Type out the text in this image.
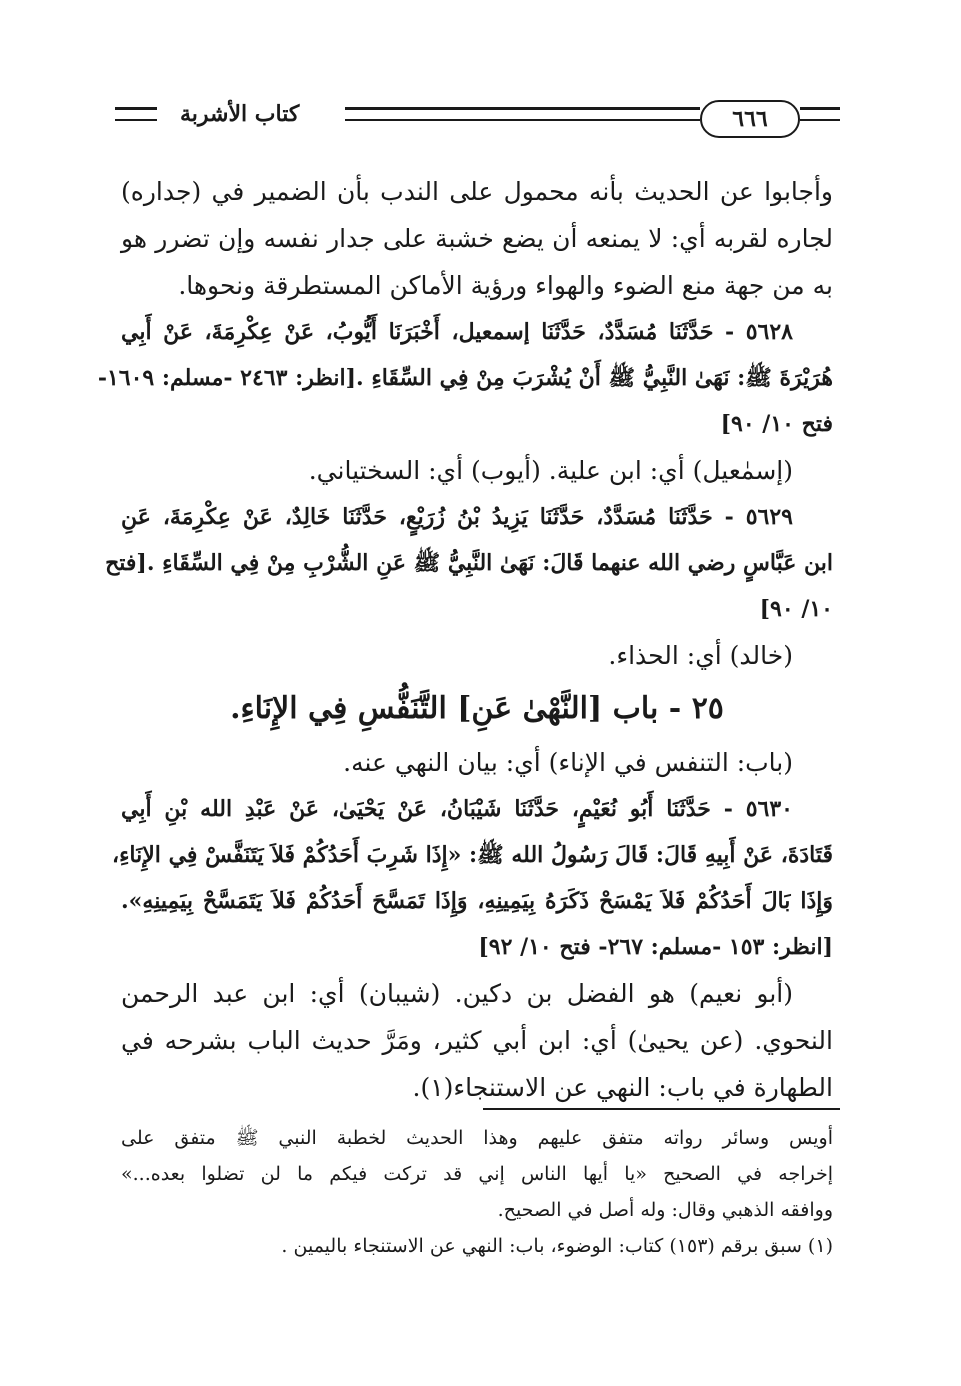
٦٦٦
كتاب الأشربة
وأجابوا عن الحديث بأنه محمول على الندب بأن الضمير في (جداره)
لجاره لقربه أي: لا يمنعه أن يضع خشبة على جدار نفسه وإن تضرر هو
به من جهة منع الضوء والهواء ورؤية الأماكن المستطرقة ونحوها.
٥٦٢٨ - حَدَّثَنَا مُسَدَّدٌ، حَدَّثَنَا إسمعيل، أَخْبَرَنَا أَيُّوبُ، عَنْ عِكْرِمَةَ، عَنْ أَبِي
هُرَيْرَةَ ﷺ: نَهَىٰ النَّبِيُّ ﷺ أَنْ يُشْرَبَ مِنْ فِي السِّقَاءِ .[انظر: ٢٤٦٣ -مسلم: ١٦٠٩-
فتح ١٠/ ٩٠]
(إسمٰعيل) أي: ابن علية. (أيوب) أي: السختياني.
٥٦٢٩ - حَدَّثَنَا مُسَدَّدٌ، حَدَّثَنَا يَزِيدُ بْنُ زُرَيْعٍ، حَدَّثَنَا خَالِدٌ، عَنْ عِكْرِمَةَ، عَنِ
ابن عَبَّاسٍ رضي الله عنهما قَالَ: نَهَىٰ النَّبِيُّ ﷺ عَنِ الشُّرْبِ مِنْ فِي السِّقَاءِ .[فتح
١٠/ ٩٠]
(خالد) أي: الحذاء.
٢٥ - باب [النَّهْىٰ عَنِ] التَّنَفُّسِ فِي الإِنَاءِ.
(باب: التنفس في الإناء) أي: بيان النهي عنه.
٥٦٣٠ - حَدَّثَنَا أَبُو نُعَيْمٍ، حَدَّثَنَا شَيْبَانُ، عَنْ يَحْيَىٰ، عَنْ عَبْدِ الله بْنِ أَبِي
قَتَادَةَ، عَنْ أَبِيهِ قَالَ: قَالَ رَسُولُ الله ﷺ: «إِذَا شَرِبَ أَحَدُكُمْ فَلاَ يَتَنَفَّسْ فِي الإِنَاءِ،
وَإِذَا بَالَ أَحَدُكُمْ فَلاَ يَمْسَحْ ذَكَرَهُ بِيَمِينِهِ، وَإِذَا تَمَسَّحَ أَحَدُكُمْ فَلاَ يَتَمَسَّحْ بِيَمِينِهِ».
[انظر: ١٥٣ -مسلم: ٢٦٧- فتح ١٠/ ٩٢]
(أبو نعيم) هو الفضل بن دكين. (شيبان) أي: ابن عبد الرحمن
النحوي. (عن يحيىٰ) أي: ابن أبي كثير، ومَرَّ حديث الباب بشرحه في
الطهارة في باب: النهي عن الاستنجاء(١).
أويس وسائر رواته متفق عليهم وهذا الحديث لخطبة النبي ﷺ متفق على
إخراجه في الصحيح «يا أيها الناس إني قد تركت فيكم ما لن تضلوا بعده...»
ووافقه الذهبي وقال: وله أصل في الصحيح.
(١) سبق برقم (١٥٣) كتاب: الوضوء، باب: النهي عن الاستنجاء باليمين .
